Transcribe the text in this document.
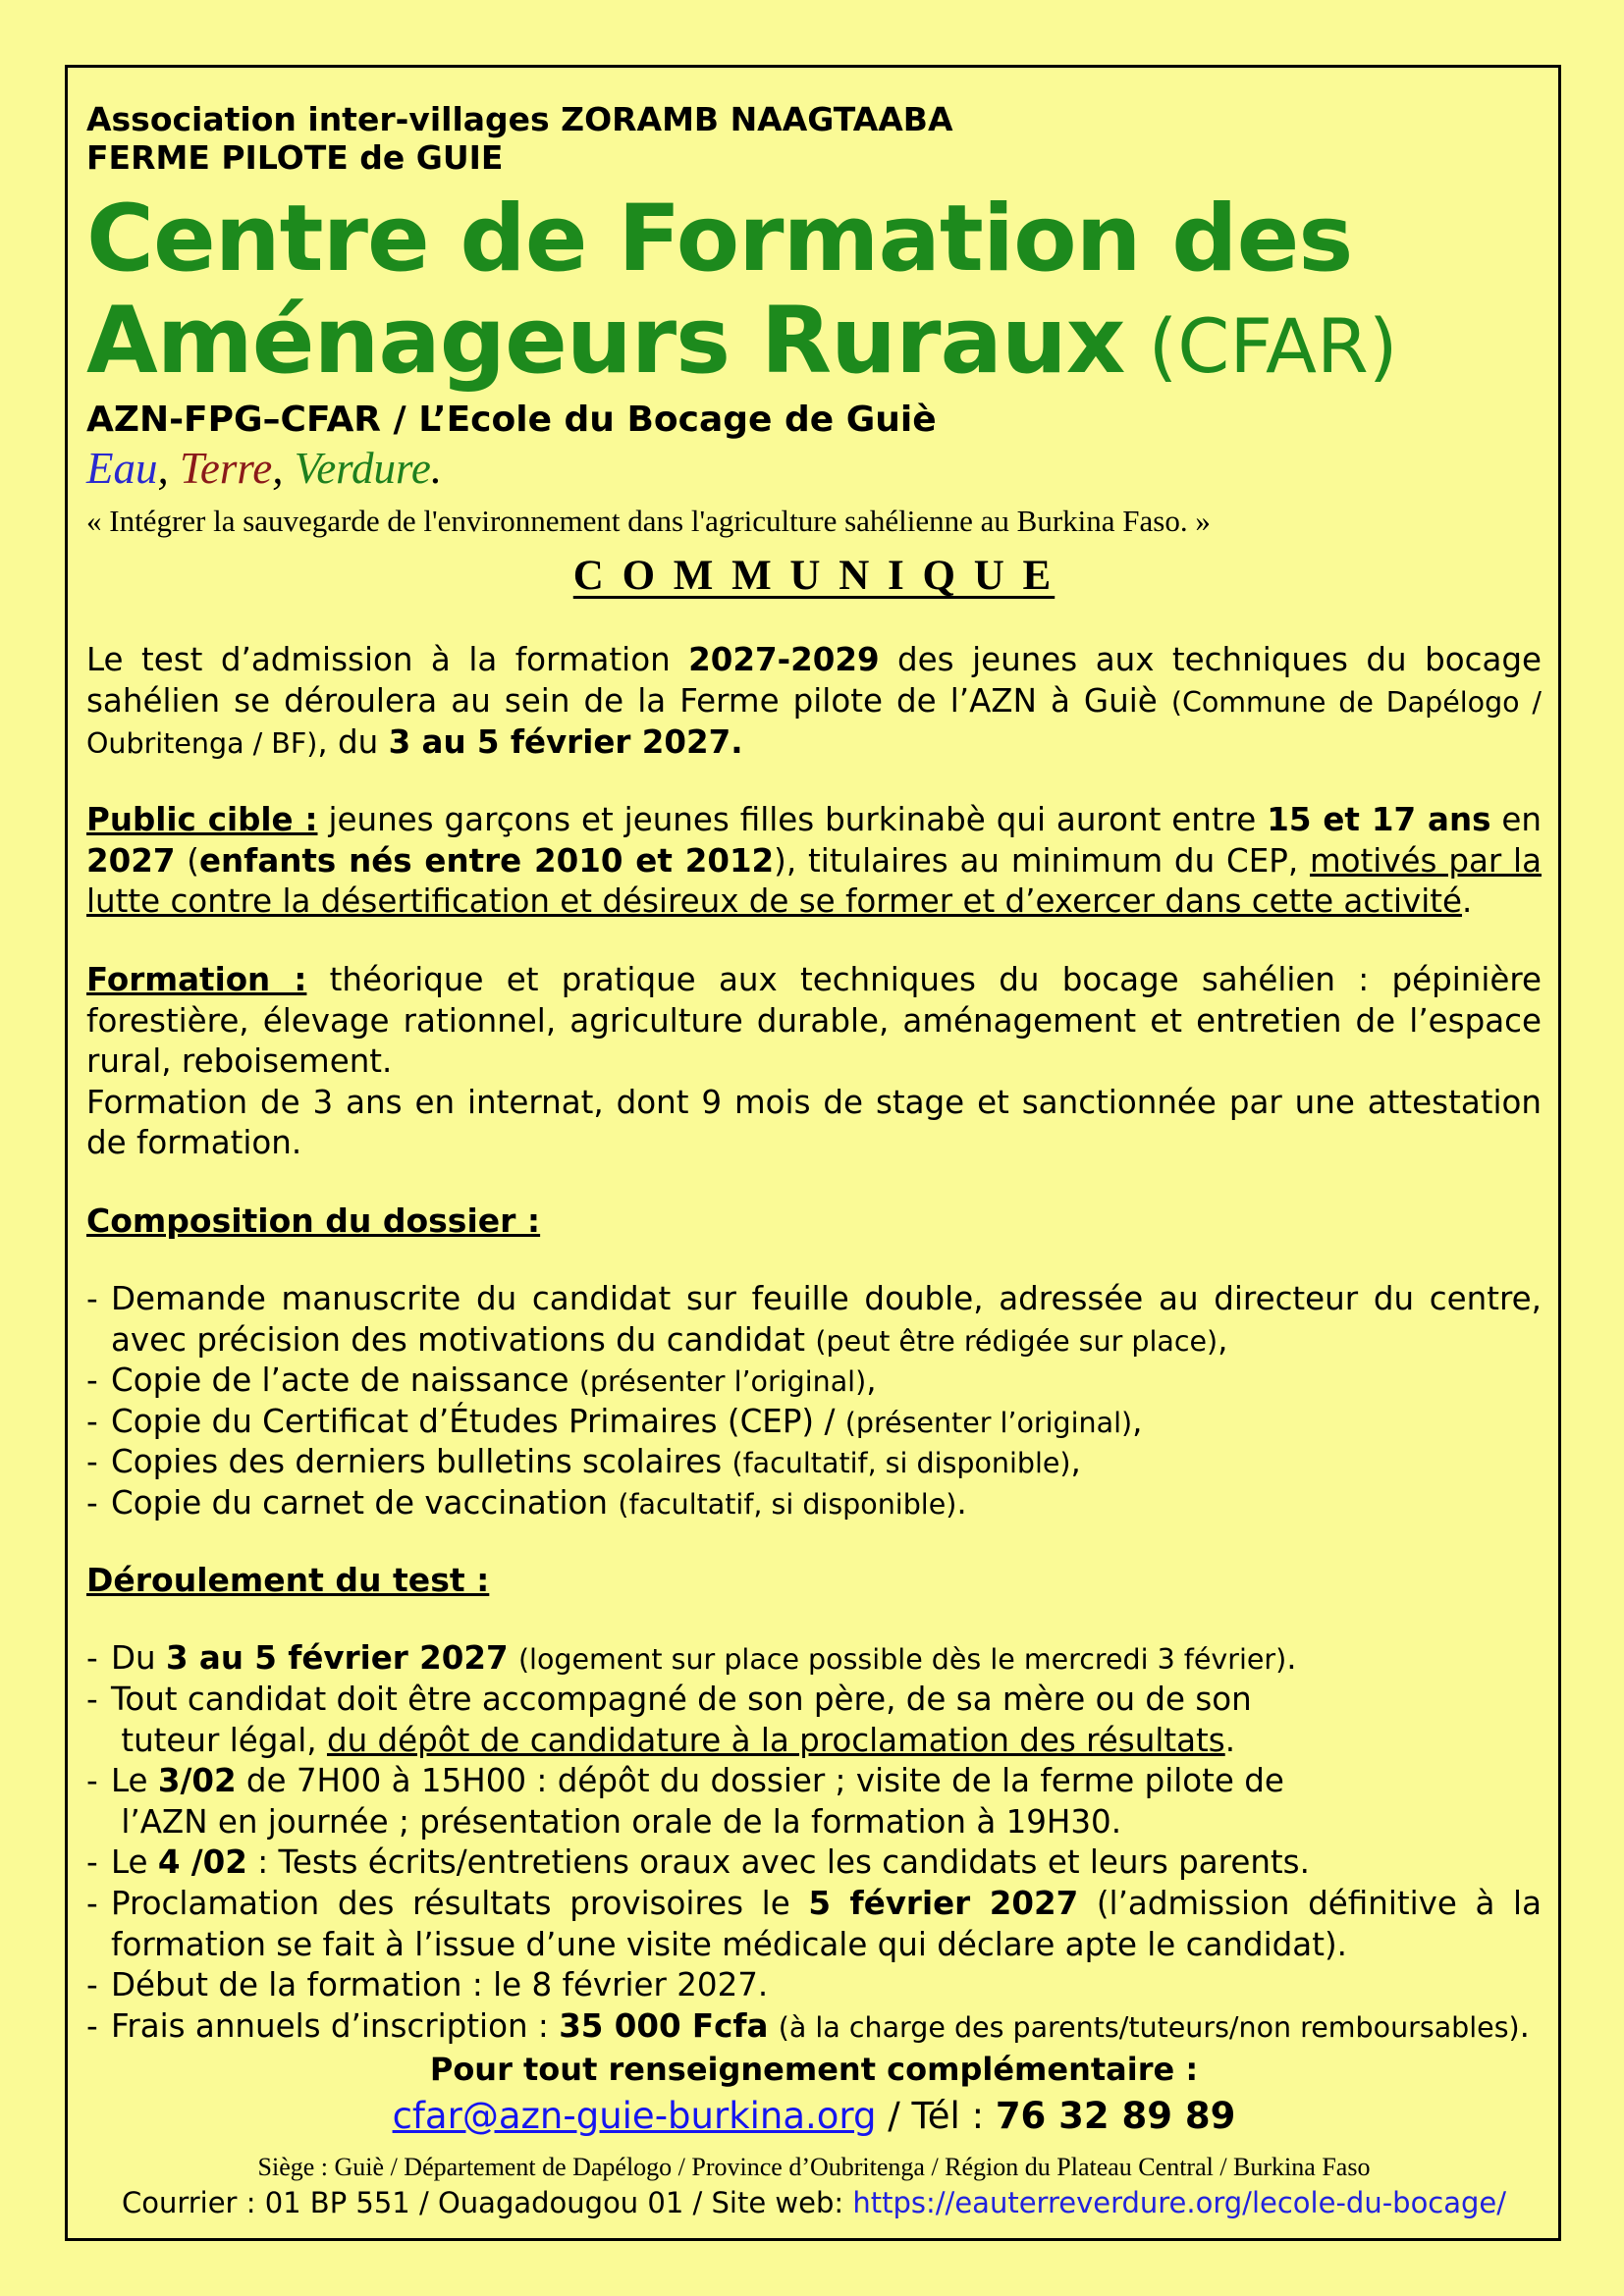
Association inter-villages ZORAMB NAAGTAABA
FERME PILOTE de GUIE
Centre de Formation des Aménageurs Ruraux (CFAR)
AZN-FPG–CFAR / L’Ecole du Bocage de Guiè
Eau, Terre, Verdure.
« Intégrer la sauvegarde de l'environnement dans l'agriculture sahélienne au Burkina Faso. »
C O M M U N I Q U E

Le test d’admission à la formation 2027-2029 des jeunes aux techniques du bocage sahélien se déroulera au sein de la Ferme pilote de l’AZN à Guiè (Commune de Dapélogo / Oubritenga / BF), du 3 au 5 février 2027.

Public cible : jeunes garçons et jeunes filles burkinabè qui auront entre 15 et 17 ans en 2027 (enfants nés entre 2010 et 2012), titulaires au minimum du CEP, motivés par la lutte contre la désertification et désireux de se former et d’exercer dans cette activité.

Formation : théorique et pratique aux techniques du bocage sahélien : pépinière forestière, élevage rationnel, agriculture durable, aménagement et entretien de l’espace rural, reboisement.

Formation de 3 ans en internat, dont 9 mois de stage et sanctionnée par une attestation de formation.

Composition du dossier :
- Demande manuscrite du candidat sur feuille double, adressée au directeur du centre, avec précision des motivations du candidat (peut être rédigée sur place),
- Copie de l’acte de naissance (présenter l’original),
- Copie du Certificat d’Études Primaires (CEP) / (présenter l’original),
- Copies des derniers bulletins scolaires (facultatif, si disponible),
- Copie du carnet de vaccination (facultatif, si disponible).
Déroulement du test :
- Du 3 au 5 février 2027 (logement sur place possible dès le mercredi 3 février).
- Tout candidat doit être accompagné de son père, de sa mère ou de son
tuteur légal, du dépôt de candidature à la proclamation des résultats.
- Le 3/02 de 7H00 à 15H00 : dépôt du dossier ; visite de la ferme pilote de
l’AZN en journée ; présentation orale de la formation à 19H30.
- Le 4 /02 : Tests écrits/entretiens oraux avec les candidats et leurs parents.
- Proclamation des résultats provisoires le 5 février 2027 (l’admission définitive à la formation se fait à l’issue d’une visite médicale qui déclare apte le candidat).
- Début de la formation : le 8 février 2027.
- Frais annuels d’inscription : 35 000 Fcfa (à la charge des parents/tuteurs/non remboursables).
Pour tout renseignement complémentaire :
cfar@azn-guie-burkina.org / Tél : 76 32 89 89
Siège : Guiè / Département de Dapélogo / Province d’Oubritenga / Région du Plateau Central / Burkina Faso
Courrier : 01 BP 551 / Ouagadougou 01 / Site web: https://eauterreverdure.org/lecole-du-bocage/
